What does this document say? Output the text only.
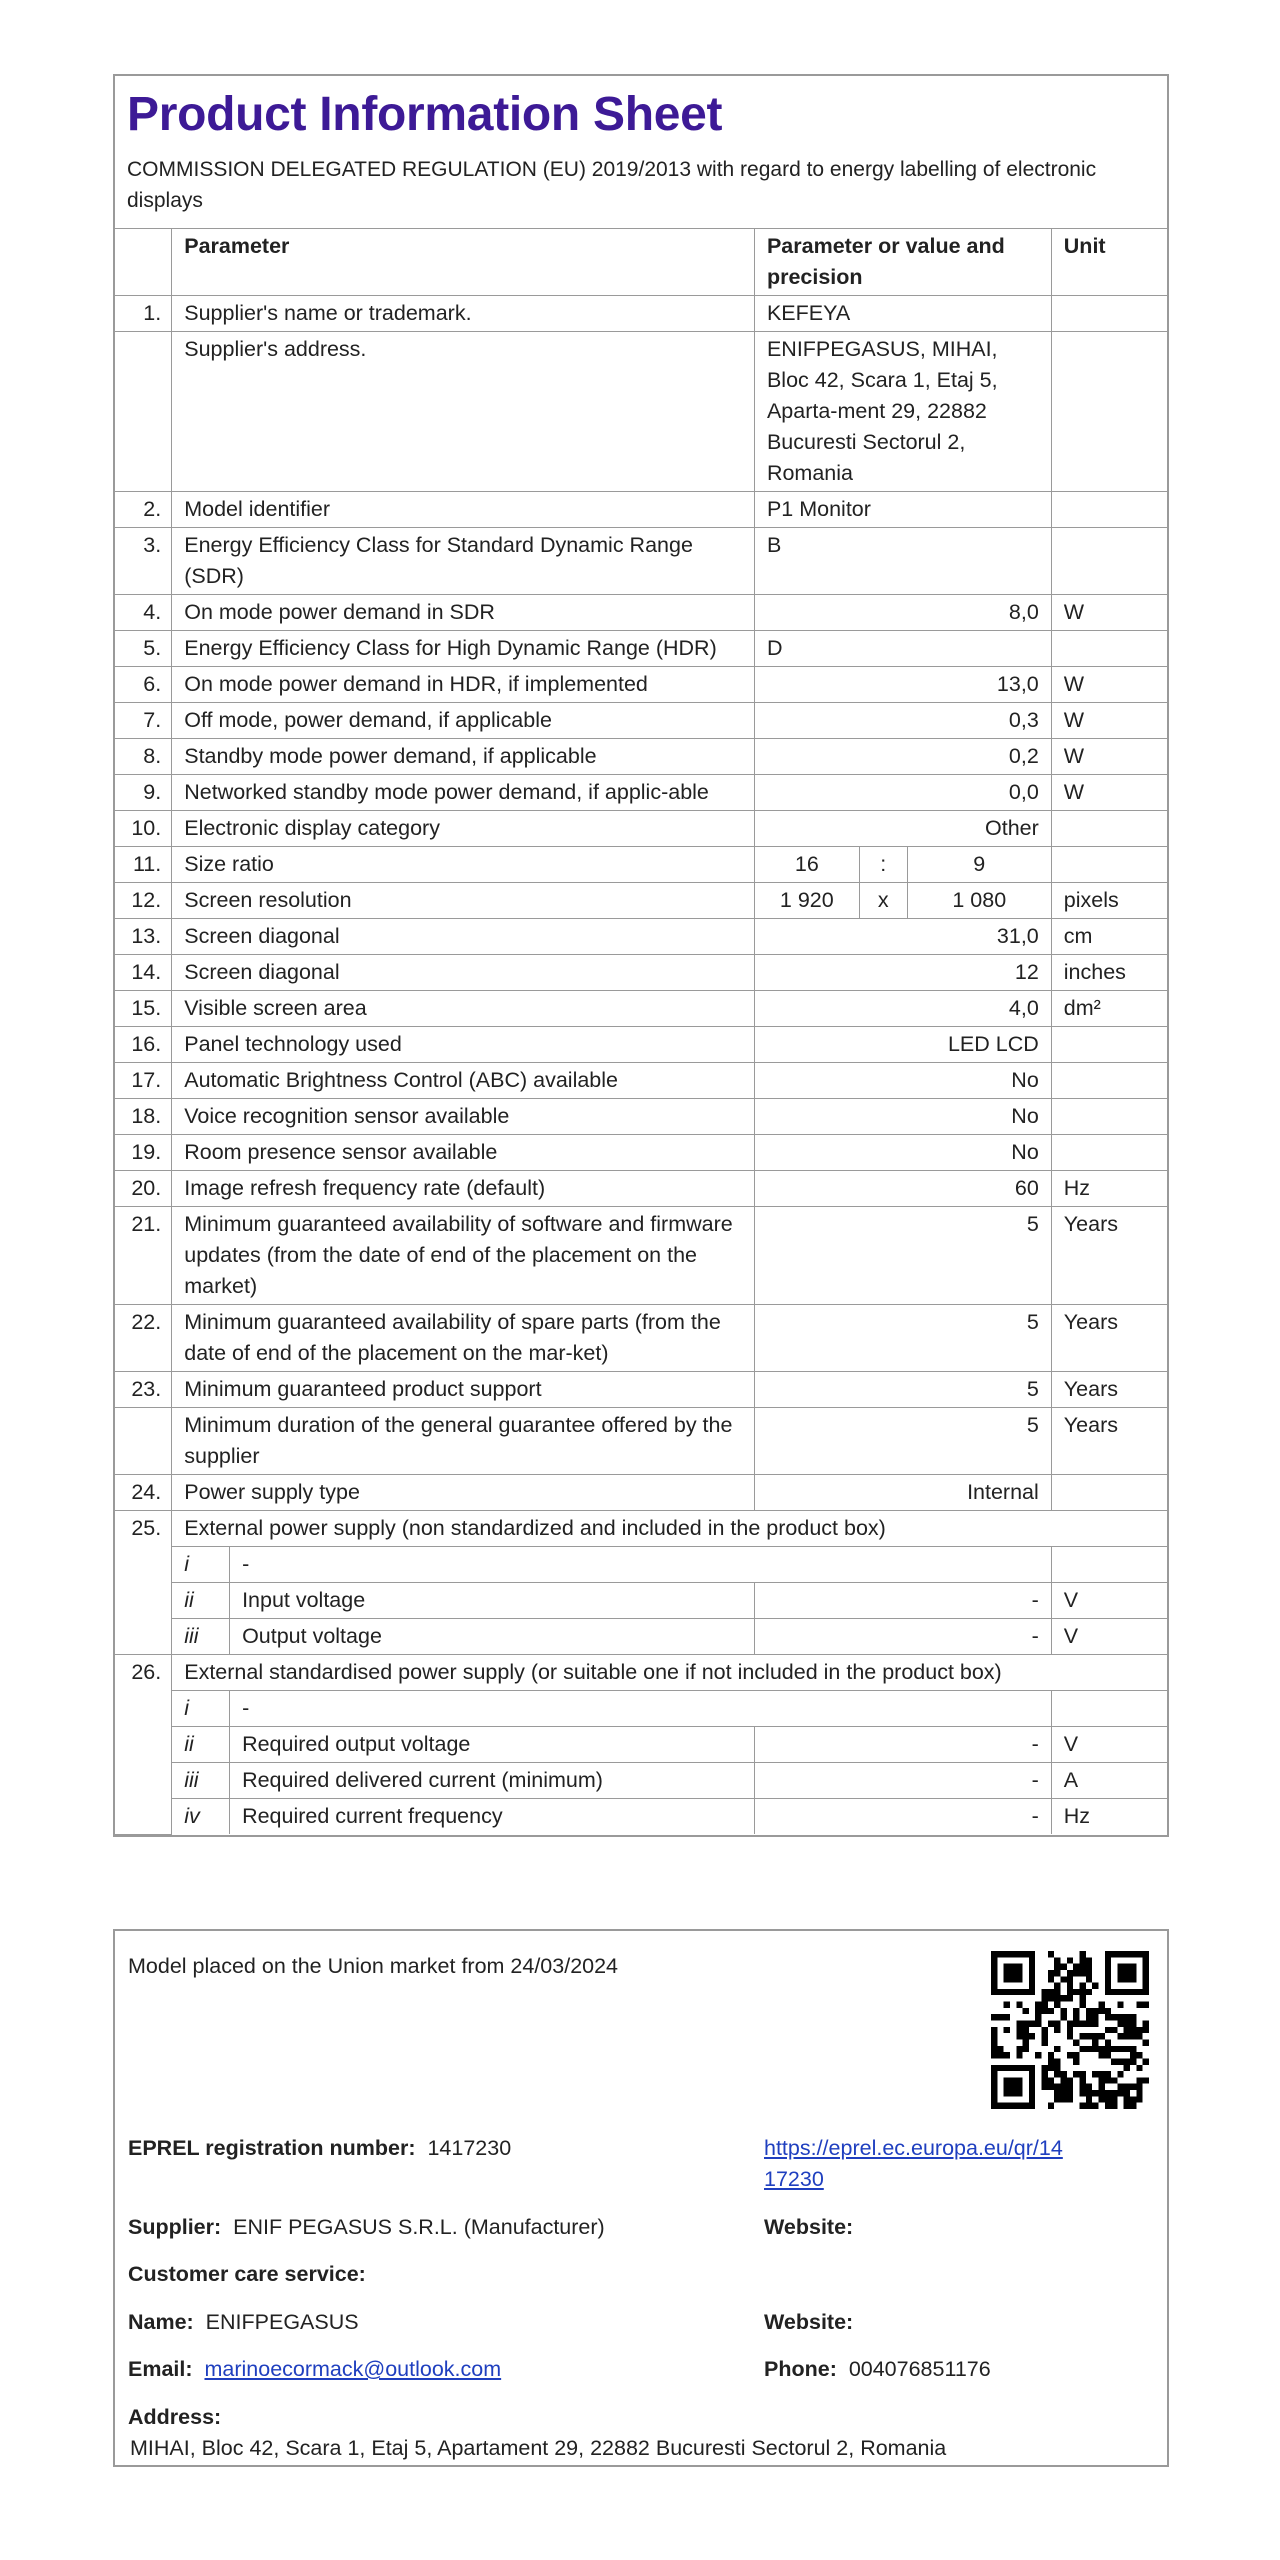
Product Information Sheet
COMMISSION DELEGATED REGULATION (EU) 2019/2013 with regard to energy labelling of electronic displays
	Parameter		Parameter or value and precision			Unit
1.	Supplier's name or trademark.		KEFEYA			
	Supplier's address.		ENIFPEGASUS, MIHAI, Bloc 42, Scara 1, Etaj 5, Aparta-ment 29, 22882 Bucuresti Sectorul 2, Romania			
2.	Model identifier		P1 Monitor			
3.	Energy Efficiency Class for Standard Dynamic Range (SDR)		B			
4.	On mode power demand in SDR		8,0			W
5.	Energy Efficiency Class for High Dynamic Range (HDR)		D			
6.	On mode power demand in HDR, if implemented		13,0			W
7.	Off mode, power demand, if applicable		0,3			W
8.	Standby mode power demand, if applicable		0,2			W
9.	Networked standby mode power demand, if applic-able		0,0			W
10.	Electronic display category		Other			
11.	Size ratio		16	:	9	
12.	Screen resolution		1 920	x	1 080	pixels
13.	Screen diagonal		31,0			cm
14.	Screen diagonal		12			inches
15.	Visible screen area		4,0			dm²
16.	Panel technology used		LED LCD			
17.	Automatic Brightness Control (ABC) available		No			
18.	Voice recognition sensor available		No			
19.	Room presence sensor available		No			
20.	Image refresh frequency rate (default)		60			Hz
21.	Minimum guaranteed availability of software and firmware updates (from the date of end of the placement on the market)		5			Years
22.	Minimum guaranteed availability of spare parts (from the date of end of the placement on the mar-ket)		5			Years
23.	Minimum guaranteed product support		5			Years
	Minimum duration of the general guarantee offered by the supplier		5			Years
24.	Power supply type		Internal			
25.	External power supply (non standardized and included in the product box)					
	i	-				
	ii	Input voltage	-			V
	iii	Output voltage	-			V
26.	External standardised power supply (or suitable one if not included in the product box)					
	i	-				
	ii	Required output voltage	-			V
	iii	Required delivered current (minimum)	-			A
	iv	Required current frequency	-			Hz
Model placed on the Union market from 24/03/2024
EPREL registration number: 1417230	https://eprel.ec.europa.eu/qr/14
17230
Supplier: ENIF PEGASUS S.R.L. (Manufacturer)	Website:
Customer care service:
Name: ENIFPEGASUS	Website:
Email: marinoecormack@outlook.com	Phone: 004076851176
Address:
MIHAI, Bloc 42, Scara 1, Etaj 5, Apartament 29, 22882 Bucuresti Sectorul 2, Romania
